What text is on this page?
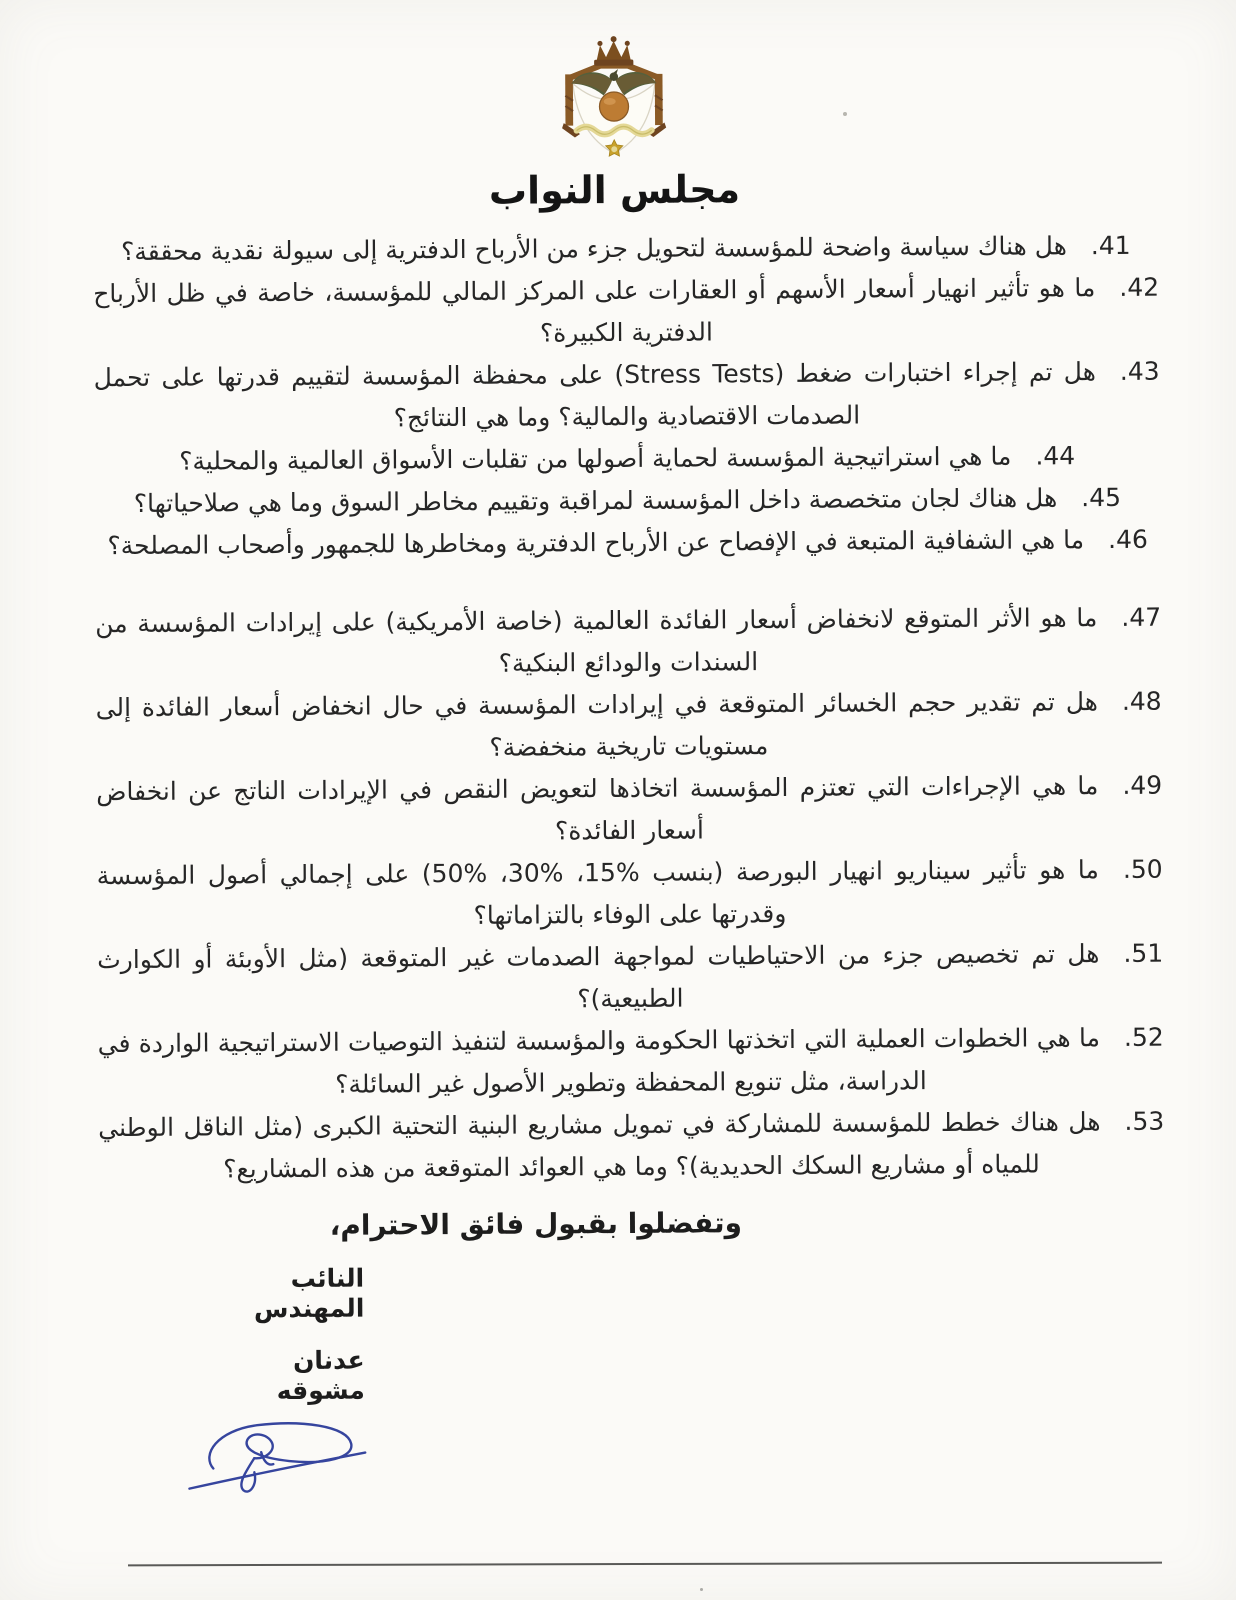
مجلس النواب

41.هل هناك سياسة واضحة للمؤسسة لتحويل جزء من الأرباح الدفترية إلى سيولة نقدية محققة؟

42.ما هو تأثير انهيار أسعار الأسهم أو العقارات على المركز المالي للمؤسسة، خاصة في ظل الأرباح الدفترية الكبيرة؟

43.هل تم إجراء اختبارات ضغط (Stress Tests) على محفظة المؤسسة لتقييم قدرتها على تحمل الصدمات الاقتصادية والمالية؟ وما هي النتائج؟

44.ما هي استراتيجية المؤسسة لحماية أصولها من تقلبات الأسواق العالمية والمحلية؟

45.هل هناك لجان متخصصة داخل المؤسسة لمراقبة وتقييم مخاطر السوق وما هي صلاحياتها؟

46.ما هي الشفافية المتبعة في الإفصاح عن الأرباح الدفترية ومخاطرها للجمهور وأصحاب المصلحة؟

47.ما هو الأثر المتوقع لانخفاض أسعار الفائدة العالمية (خاصة الأمريكية) على إيرادات المؤسسة من السندات والودائع البنكية؟

48.هل تم تقدير حجم الخسائر المتوقعة في إيرادات المؤسسة في حال انخفاض أسعار الفائدة إلى مستويات تاريخية منخفضة؟

49.ما هي الإجراءات التي تعتزم المؤسسة اتخاذها لتعويض النقص في الإيرادات الناتج عن انخفاض أسعار الفائدة؟

50.ما هو تأثير سيناريو انهيار البورصة (بنسب %15، %30، %50) على إجمالي أصول المؤسسة وقدرتها على الوفاء بالتزاماتها؟

51.هل تم تخصيص جزء من الاحتياطيات لمواجهة الصدمات غير المتوقعة (مثل الأوبئة أو الكوارث الطبيعية)؟

52.ما هي الخطوات العملية التي اتخذتها الحكومة والمؤسسة لتنفيذ التوصيات الاستراتيجية الواردة في الدراسة، مثل تنويع المحفظة وتطوير الأصول غير السائلة؟

53.هل هناك خطط للمؤسسة للمشاركة في تمويل مشاريع البنية التحتية الكبرى (مثل الناقل الوطني للمياه أو مشاريع السكك الحديدية)؟ وما هي العوائد المتوقعة من هذه المشاريع؟

وتفضلوا بقبول فائق الاحترام،
النائب المهندس
عدنان مشوقه
